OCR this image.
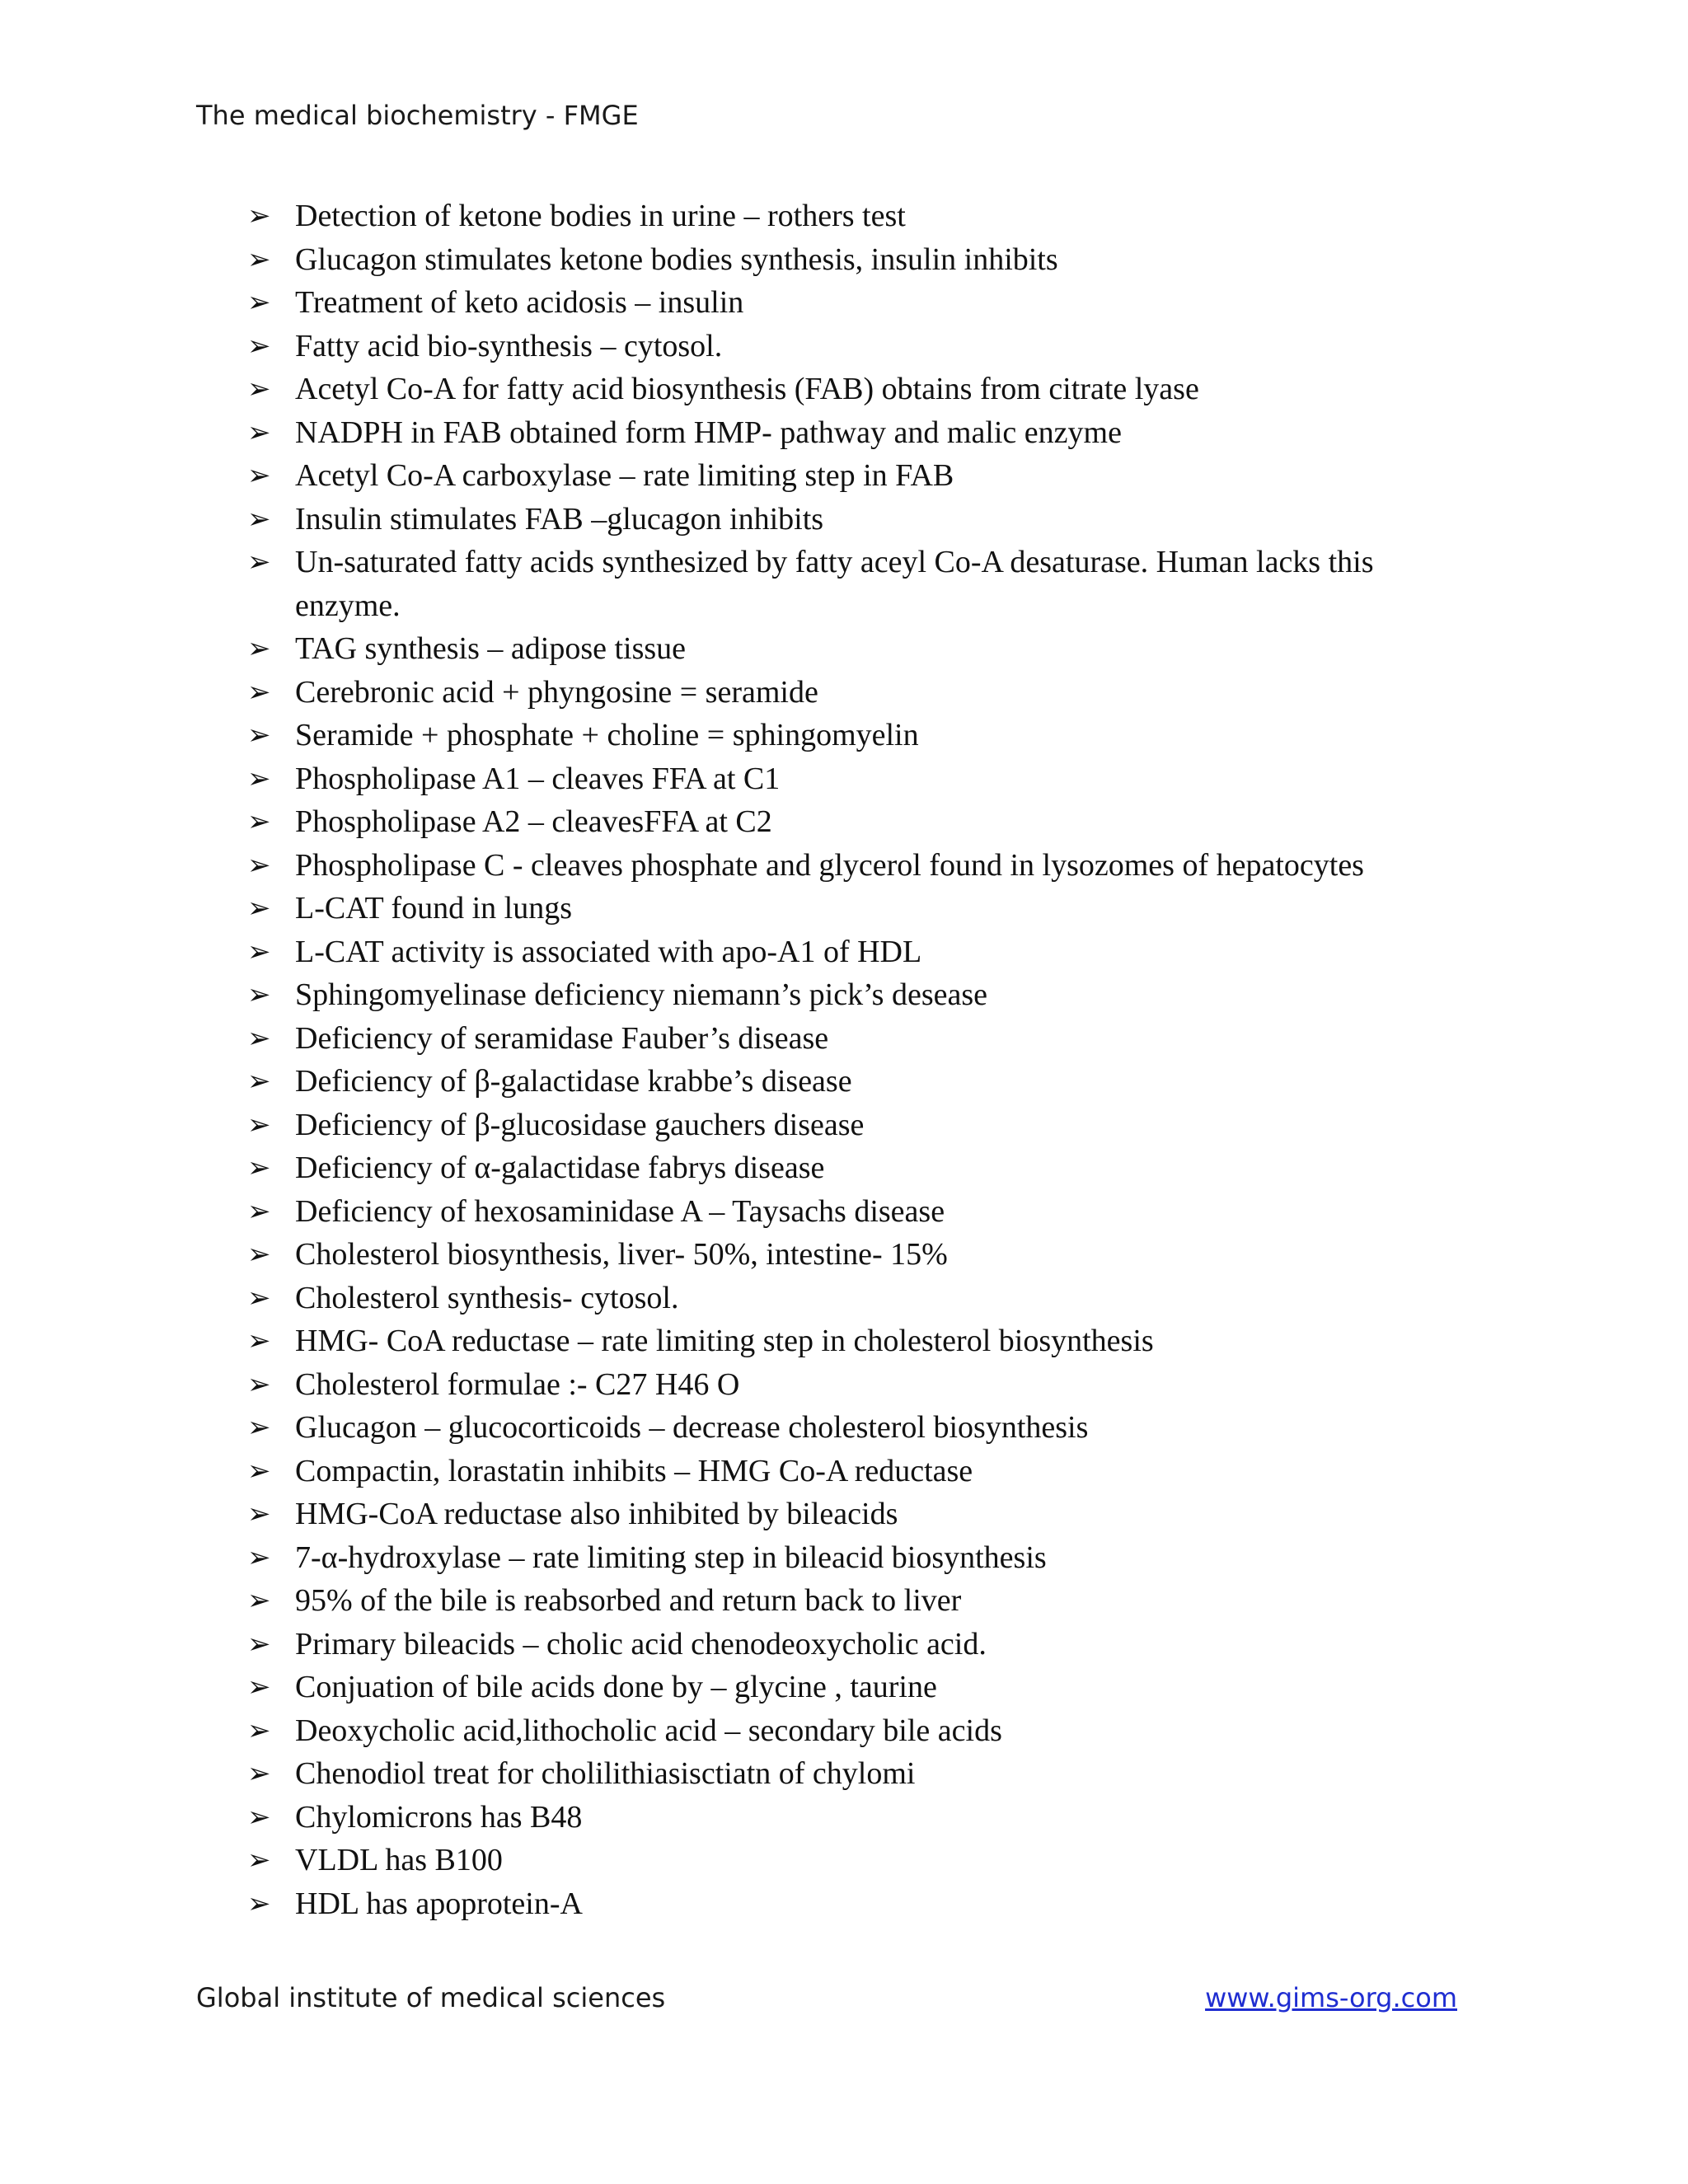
The medical biochemistry - FMGE
➢ Detection of ketone bodies in urine – rothers test
➢ Glucagon stimulates ketone bodies synthesis, insulin inhibits
➢ Treatment of keto acidosis – insulin
➢ Fatty acid bio-synthesis – cytosol.
➢ Acetyl Co-A for fatty acid biosynthesis (FAB) obtains from citrate lyase
➢ NADPH in FAB obtained form HMP- pathway and malic enzyme
➢ Acetyl Co-A carboxylase – rate limiting step in FAB
➢ Insulin stimulates FAB –glucagon inhibits
➢ Un-saturated fatty acids synthesized by fatty aceyl Co-A desaturase. Human lacks this enzyme.
➢ TAG synthesis – adipose tissue
➢ Cerebronic acid + phyngosine = seramide
➢ Seramide + phosphate + choline = sphingomyelin
➢ Phospholipase A1 – cleaves FFA at C1
➢ Phospholipase A2 – cleavesFFA at C2
➢ Phospholipase C - cleaves phosphate and glycerol found in lysozomes of hepatocytes
➢ L-CAT found in lungs
➢ L-CAT activity is associated with apo-A1 of HDL
➢ Sphingomyelinase deficiency niemann’s pick’s desease
➢ Deficiency of seramidase Fauber’s disease
➢ Deficiency of β-galactidase krabbe’s disease
➢ Deficiency of β-glucosidase gauchers disease
➢ Deficiency of α-galactidase fabrys disease
➢ Deficiency of hexosaminidase A – Taysachs disease
➢ Cholesterol biosynthesis, liver- 50%, intestine- 15%
➢ Cholesterol synthesis- cytosol.
➢ HMG- CoA reductase – rate limiting step in cholesterol biosynthesis
➢ Cholesterol formulae :- C27 H46 O
➢ Glucagon – glucocorticoids – decrease cholesterol biosynthesis
➢ Compactin, lorastatin inhibits – HMG Co-A reductase
➢ HMG-CoA reductase also inhibited by bileacids
➢ 7-α-hydroxylase – rate limiting step in bileacid biosynthesis
➢ 95% of the bile is reabsorbed and return back to liver
➢ Primary bileacids – cholic acid chenodeoxycholic acid.
➢ Conjuation of bile acids done by – glycine , taurine
➢ Deoxycholic acid,lithocholic acid – secondary bile acids
➢ Chenodiol treat for cholilithiasisctiatn of chylomi
➢ Chylomicrons has B48
➢ VLDL has B100
➢ HDL has apoprotein-A
Global institute of medical sciences	www.gims-org.com
